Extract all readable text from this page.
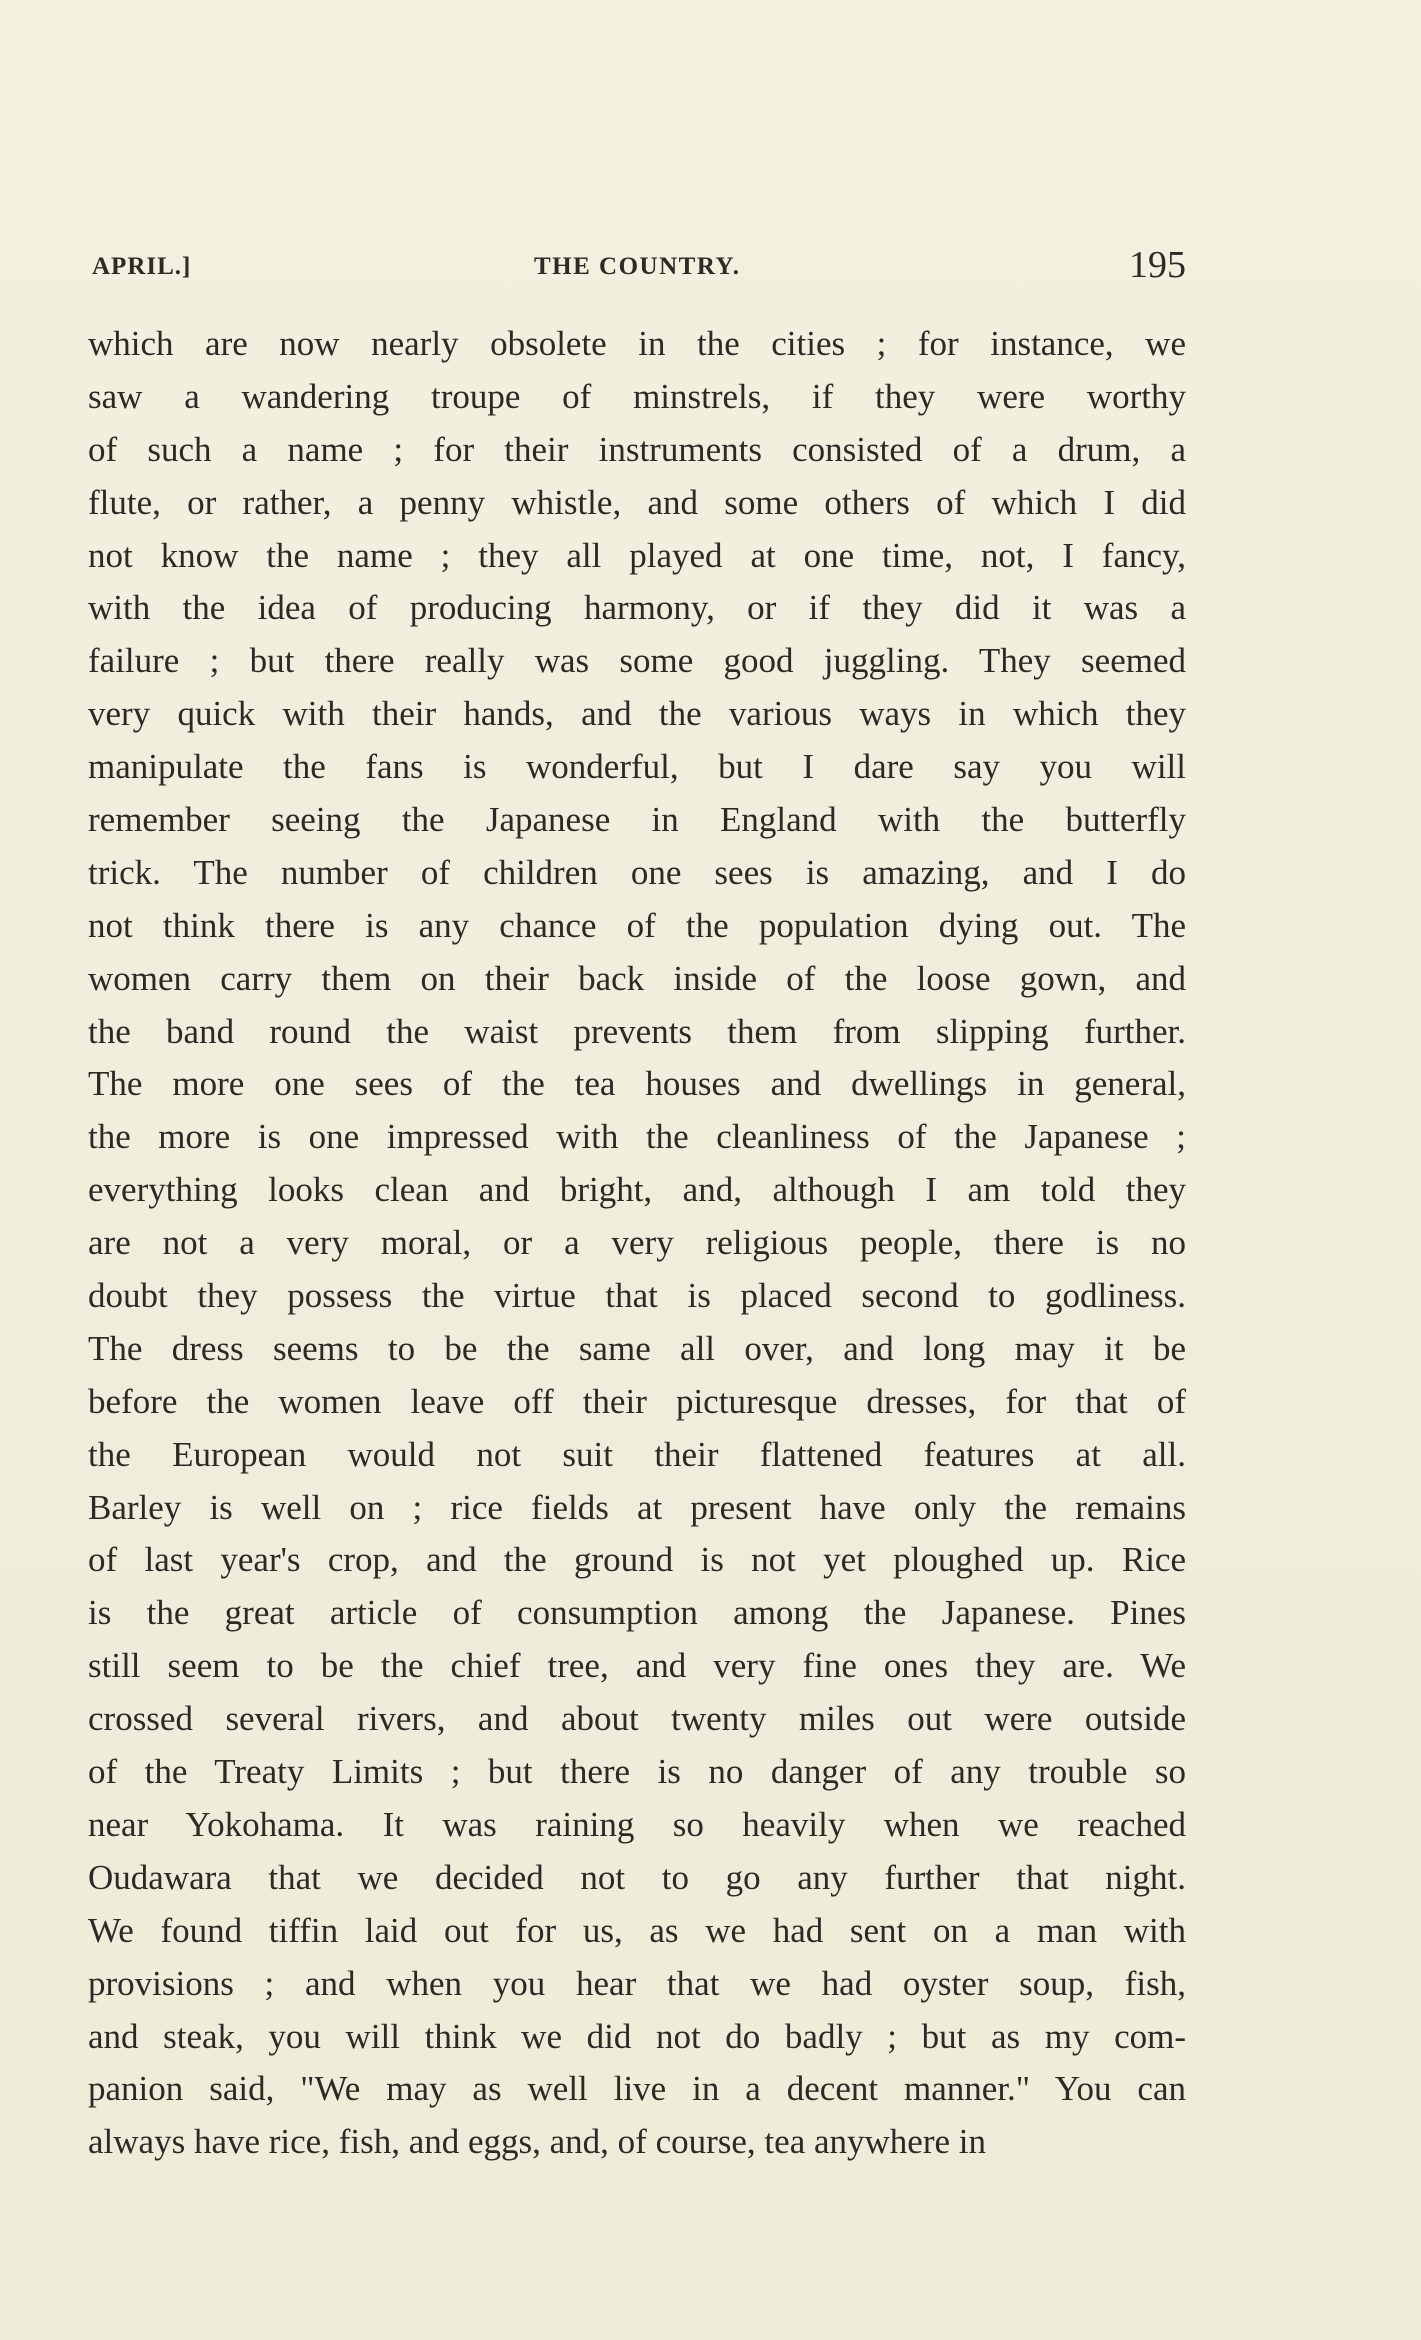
APRIL.]	THE COUNTRY.	195
which are now nearly obsolete in the cities ; for instance, we
saw a wandering troupe of minstrels, if they were worthy
of such a name ; for their instruments consisted of a drum, a
flute, or rather, a penny whistle, and some others of which I did
not know the name ; they all played at one time, not, I fancy,
with the idea of producing harmony, or if they did it was a
failure ; but there really was some good juggling. They seemed
very quick with their hands, and the various ways in which they
manipulate the fans is wonderful, but I dare say you will
remember seeing the Japanese in England with the butterfly
trick. The number of children one sees is amazing, and I do
not think there is any chance of the population dying out. The
women carry them on their back inside of the loose gown, and
the band round the waist prevents them from slipping further.
The more one sees of the tea houses and dwellings in general,
the more is one impressed with the cleanliness of the Japanese ;
everything looks clean and bright, and, although I am told they
are not a very moral, or a very religious people, there is no
doubt they possess the virtue that is placed second to godliness.
The dress seems to be the same all over, and long may it be
before the women leave off their picturesque dresses, for that of
the European would not suit their flattened features at all.
Barley is well on ; rice fields at present have only the remains
of last year's crop, and the ground is not yet ploughed up. Rice
is the great article of consumption among the Japanese. Pines
still seem to be the chief tree, and very fine ones they are. We
crossed several rivers, and about twenty miles out were outside
of the Treaty Limits ; but there is no danger of any trouble so
near Yokohama. It was raining so heavily when we reached
Oudawara that we decided not to go any further that night.
We found tiffin laid out for us, as we had sent on a man with
provisions ; and when you hear that we had oyster soup, fish,
and steak, you will think we did not do badly ; but as my com-
panion said, "We may as well live in a decent manner." You can
always have rice, fish, and eggs, and, of course, tea anywhere in
